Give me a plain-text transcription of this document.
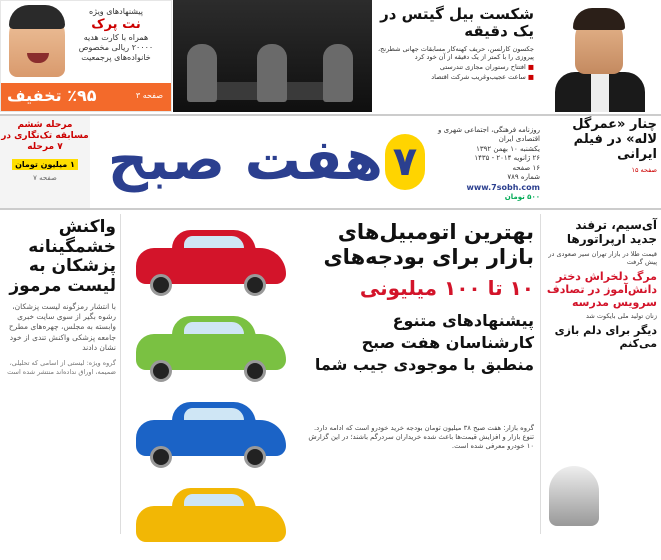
پیشنهادهای ویژه
نت پرک
همراه با کارت هدیه
۲۰۰۰۰ ریالی مخصوص
خانواده‌های پرجمعیت
٪۹۵ تخفیف	صفحه ۳
شکست بیل گیتس در یک دقیقه
جکسون کارلسن، حریف کهنه‌کار مسابقات جهانی شطرنج، پیروزی را با کمتر از یک دقیقه از آن خود کرد
■ افتتاح رستوران مجازی تندرستی
■ ساعت عجیب‌وغریب شرکت اقتصاد
مرحله ششم مسابقه تک‌نگاری در ۷ مرحله
۱ میلیون تومان
صفحه ۷ هفت صبح ۷
روزنامه فرهنگی، اجتماعی شهری و اقتصادی ایران
یکشنبه ۱۰ بهمن ۱۳۹۲
۲۶ ژانویه ۲۰۱۴ - ۱۴۳۵
۱۶ صفحه
شماره ۷۸۹
www.7sobh.com
۵۰۰ تومان
چنار «عمرگل لاله» در فیلم ایرانی
صفحه ۱۵
واکنش خشمگینانه پزشکان به لیست مرموز
با انتشار رمزگونه لیست پزشکان، رشوه بگیر از سوی سایت خبری وابسته به مجلس، چهره‌های مطرح جامعه پزشکی واکنش تندی از خود نشان دادند
گروه ویژه: لیستی از اسامی که تحلیلی، ضمیمه، اوراق نداده‌اند منتشر شده است
بهترین اتومبیل‌های بازار برای بودجه‌های
۱۰ تا ۱۰۰ میلیونی
پیشنهادهای متنوع کارشناسان هفت صبح منطبق با موجودی جیب شما
گروه بازار: هفت صبح ۳۸ میلیون تومان بودجه خرید خودرو است که ادامه دارد. تنوع بازار و افزایش قیمت‌ها باعث شده خریداران سردرگم باشند؛ در این گزارش ۱۰ خودرو معرفی شده است.
آی‌سیم، ترفند جدید ارپراتورها
قیمت طلا در بازار تهران سیر صعودی در پیش گرفت
مرگ دلخراش دختر دانش‌آموز در تصادف سرویس مدرسه
زنان تولید ملی بایکوت شد
دیگر برای دلم بازی می‌کنم
